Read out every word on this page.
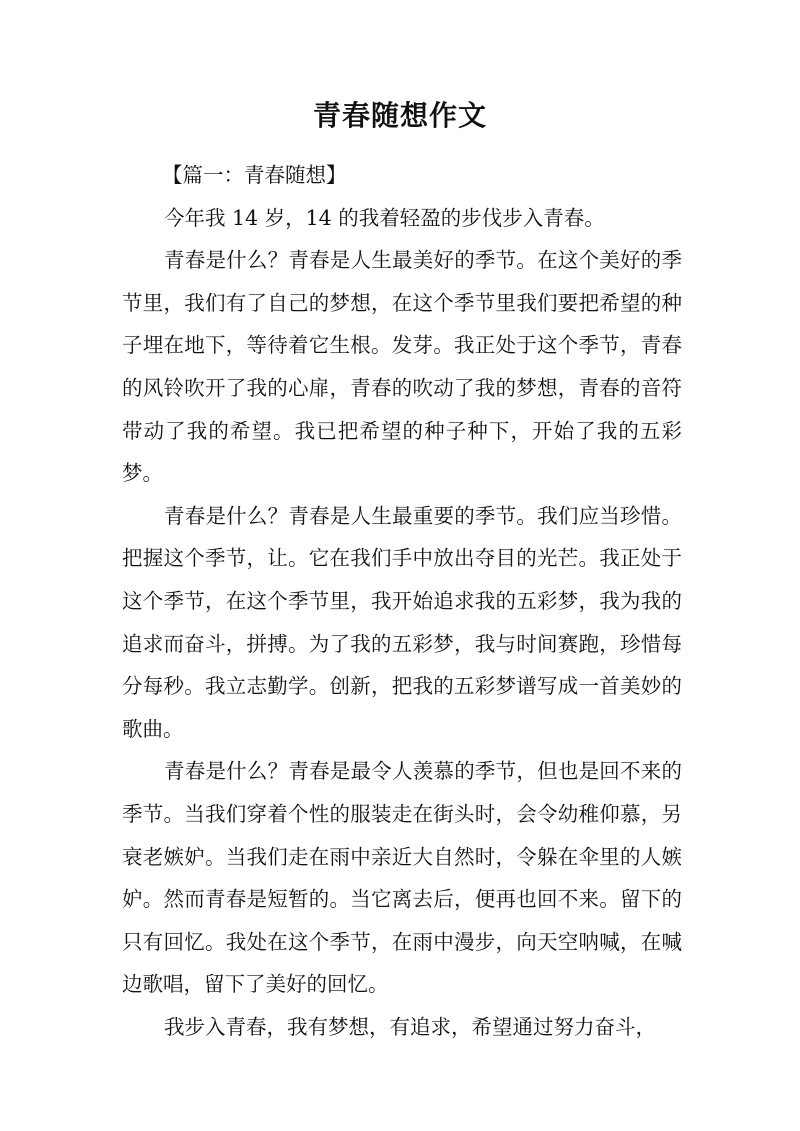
青春随想作文

【篇一：青春随想】

今年我 14 岁，14 的我着轻盈的步伐步入青春。

青春是什么？青春是人生最美好的季节。在这个美好的季节里，我们有了自己的梦想，在这个季节里我们要把希望的种子埋在地下，等待着它生根。发芽。我正处于这个季节，青春的风铃吹开了我的心扉，青春的吹动了我的梦想，青春的音符带动了我的希望。我已把希望的种子种下，开始了我的五彩梦。

青春是什么？青春是人生最重要的季节。我们应当珍惜。把握这个季节，让。它在我们手中放出夺目的光芒。我正处于这个季节，在这个季节里，我开始追求我的五彩梦，我为我的追求而奋斗，拼搏。为了我的五彩梦，我与时间赛跑，珍惜每分每秒。我立志勤学。创新，把我的五彩梦谱写成一首美妙的歌曲。

青春是什么？青春是最令人羡慕的季节，但也是回不来的季节。当我们穿着个性的服装走在街头时，会令幼稚仰慕，另衰老嫉妒。当我们走在雨中亲近大自然时，令躲在伞里的人嫉妒。然而青春是短暂的。当它离去后，便再也回不来。留下的只有回忆。我处在这个季节，在雨中漫步，向天空呐喊，在喊边歌唱，留下了美好的回忆。

我步入青春，我有梦想，有追求，希望通过努力奋斗，
